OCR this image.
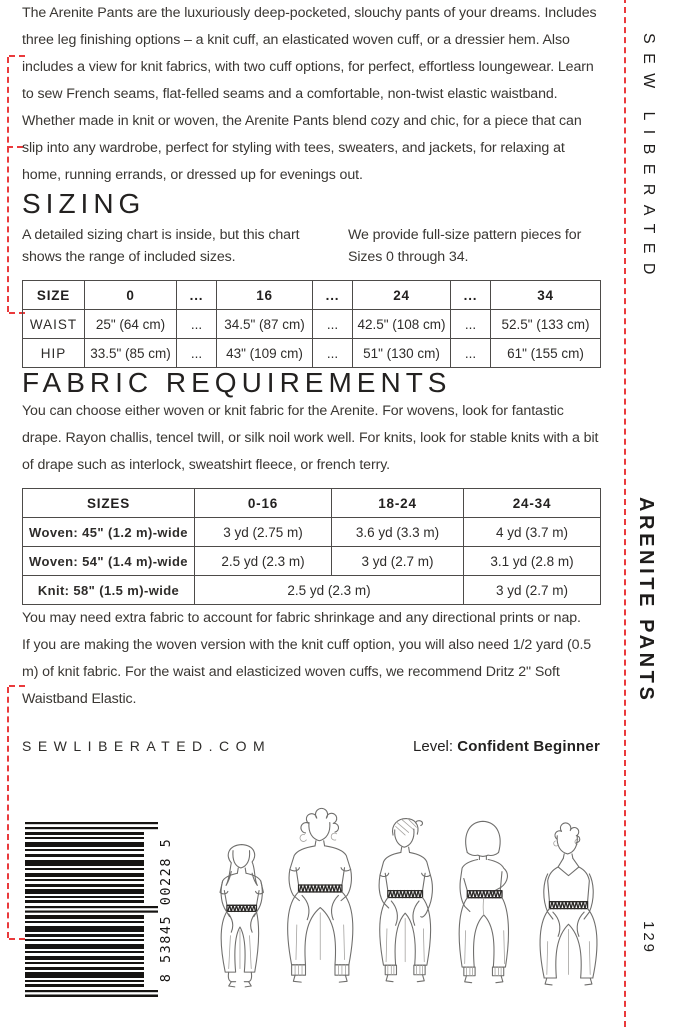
The Arenite Pants are the luxuriously deep-pocketed, slouchy pants of your dreams. Includes three leg finishing options – a knit cuff, an elasticated woven cuff, or a dressier hem. Also includes a view for knit fabrics, with two cuff options, for perfect, effortless loungewear. Learn to sew French seams, flat-felled seams and a comfortable, non-twist elastic waistband.

Whether made in knit or woven, the Arenite Pants blend cozy and chic, for a piece that can slip into any wardrobe, perfect for styling with tees, sweaters, and jackets, for relaxing at home, running errands, or dressed up for evenings out.

SIZING

A detailed sizing chart is inside, but this chart shows the range of included sizes.

We provide full-size pattern pieces for Sizes 0 through 34.

SIZE	0	...	16	...	24	...	34
WAIST	25" (64 cm)	...	34.5" (87 cm)	...	42.5" (108 cm)	...	52.5" (133 cm)
HIP	33.5" (85 cm)	...	43" (109 cm)	...	51" (130 cm)	...	61" (155 cm)
FABRIC REQUIREMENTS

You can choose either woven or knit fabric for the Arenite. For wovens, look for fantastic drape. Rayon challis, tencel twill, or silk noil work well. For knits, look for stable knits with a bit of drape such as interlock, sweatshirt fleece, or french terry.

SIZES	0-16	18-24	24-34
Woven: 45" (1.2 m)-wide	3 yd (2.75 m)	3.6 yd (3.3 m)	4 yd (3.7 m)
Woven: 54" (1.4 m)-wide	2.5 yd (2.3 m)	3 yd (2.7 m)	3.1 yd (2.8 m)
Knit: 58" (1.5 m)-wide	2.5 yd (2.3 m)		3 yd (2.7 m)

You may need extra fabric to account for fabric shrinkage and any directional prints or nap.

If you are making the woven version with the knit cuff option, you will also need 1/2 yard (0.5 m) of knit fabric. For the waist and elasticized woven cuffs, we recommend Dritz 2" Soft Waistband Elastic.

SEWLIBERATED.COM	Level: Confident Beginner
8 53845 00228 5
SEW LIBERATED
ARENITE PANTS
129
